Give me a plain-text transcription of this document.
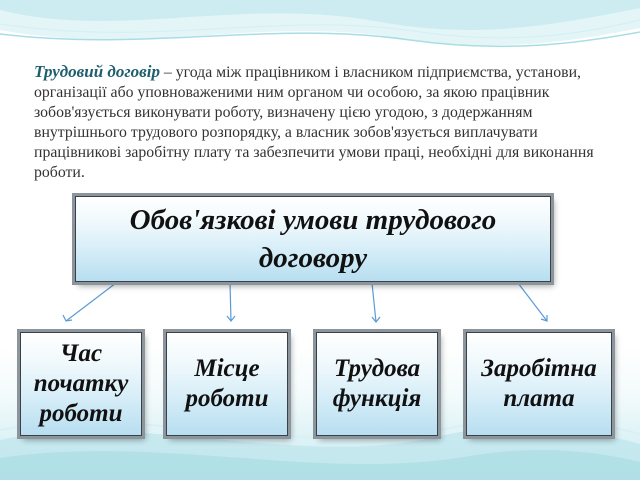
Трудовий договір – угода між працівником і власником підприємства, установи, організації або уповноваженими ним органом чи особою, за якою працівник зобов'язується виконувати роботу, визначену цією угодою, з додержанням внутрішнього трудового розпорядку, а власник зобов'язується виплачувати працівникові заробітну плату та забезпечити умови праці, необхідні для виконання роботи.

Обов'язкові умови трудового договору
Час початку роботи
Місце роботи
Трудова функція
Заробітна плата
